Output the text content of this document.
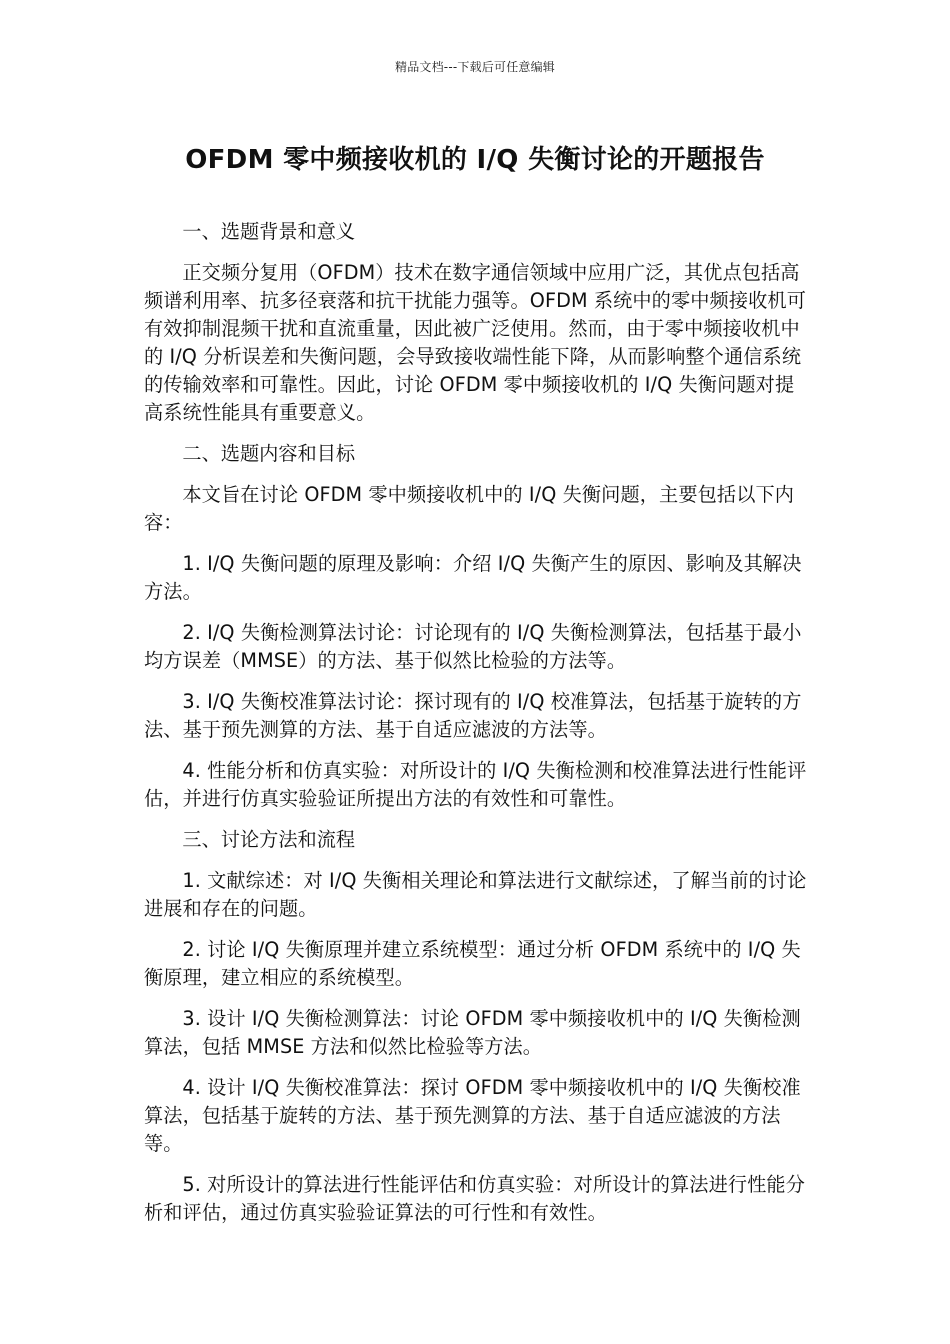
精品文档---下载后可任意编辑
OFDM 零中频接收机的 I/Q 失衡讨论的开题报告

一、选题背景和意义

正交频分复用（OFDM）技术在数字通信领域中应用广泛，其优点包括高频谱利用率、抗多径衰落和抗干扰能力强等。OFDM 系统中的零中频接收机可有效抑制混频干扰和直流重量，因此被广泛使用。然而，由于零中频接收机中的 I/Q 分析误差和失衡问题，会导致接收端性能下降，从而影响整个通信系统的传输效率和可靠性。因此，讨论 OFDM 零中频接收机的 I/Q 失衡问题对提高系统性能具有重要意义。

二、选题内容和目标

本文旨在讨论 OFDM 零中频接收机中的 I/Q 失衡问题，主要包括以下内容：

1. I/Q 失衡问题的原理及影响：介绍 I/Q 失衡产生的原因、影响及其解决方法。

2. I/Q 失衡检测算法讨论：讨论现有的 I/Q 失衡检测算法，包括基于最小均方误差（MMSE）的方法、基于似然比检验的方法等。

3. I/Q 失衡校准算法讨论：探讨现有的 I/Q 校准算法，包括基于旋转的方法、基于预先测算的方法、基于自适应滤波的方法等。

4. 性能分析和仿真实验：对所设计的 I/Q 失衡检测和校准算法进行性能评估，并进行仿真实验验证所提出方法的有效性和可靠性。

三、讨论方法和流程

1. 文献综述：对 I/Q 失衡相关理论和算法进行文献综述，了解当前的讨论进展和存在的问题。

2. 讨论 I/Q 失衡原理并建立系统模型：通过分析 OFDM 系统中的 I/Q 失衡原理，建立相应的系统模型。

3. 设计 I/Q 失衡检测算法：讨论 OFDM 零中频接收机中的 I/Q 失衡检测算法，包括 MMSE 方法和似然比检验等方法。

4. 设计 I/Q 失衡校准算法：探讨 OFDM 零中频接收机中的 I/Q 失衡校准算法，包括基于旋转的方法、基于预先测算的方法、基于自适应滤波的方法等。

5. 对所设计的算法进行性能评估和仿真实验：对所设计的算法进行性能分析和评估，通过仿真实验验证算法的可行性和有效性。
